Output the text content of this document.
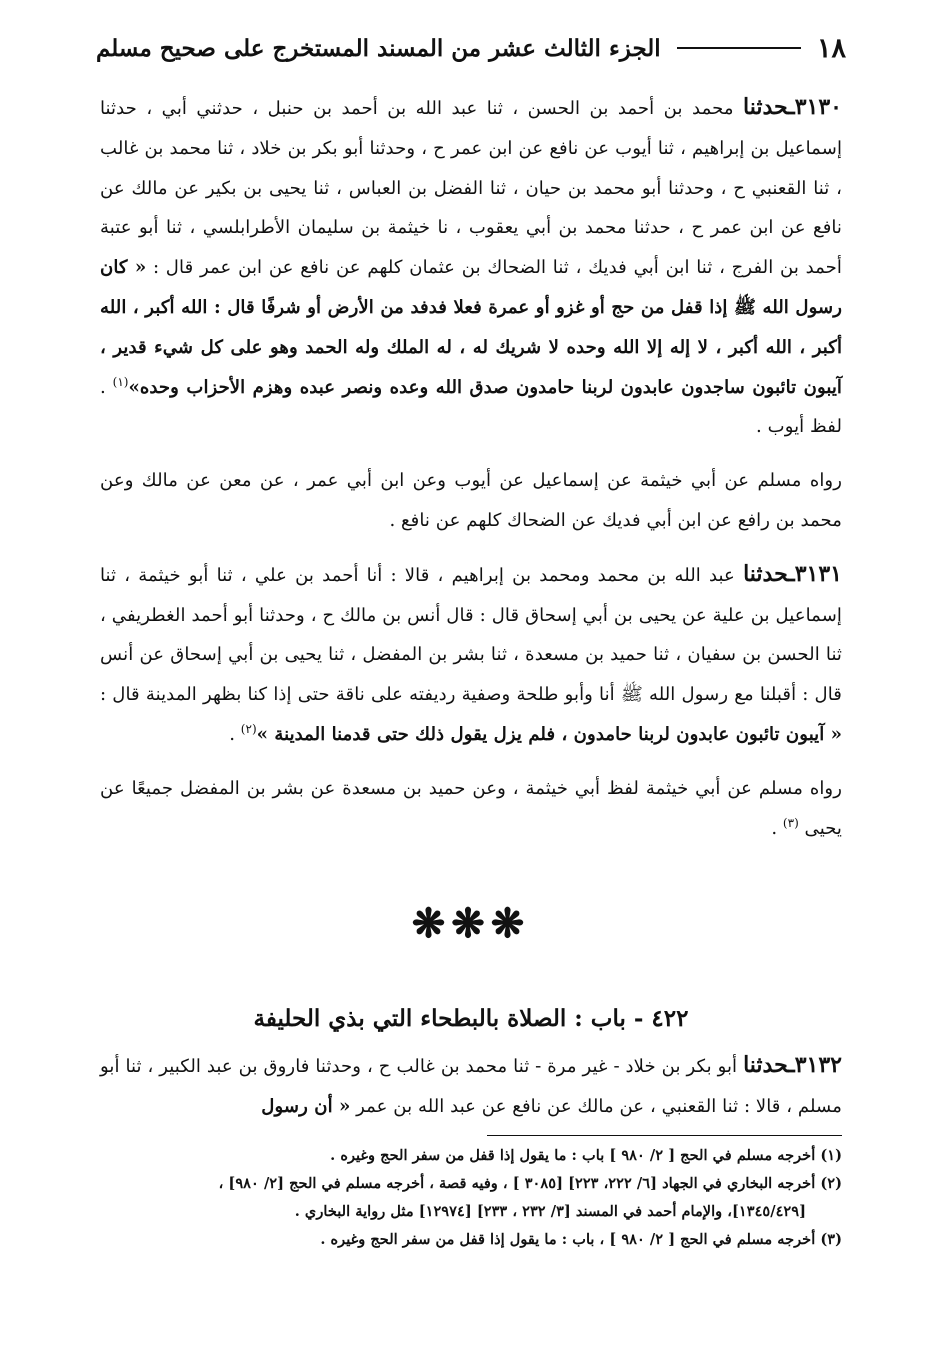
١٨
الجزء الثالث عشر من المسند المستخرج على صحيح مسلم

٣١٣٠ـحدثنا محمد بن أحمد بن الحسن ، ثنا عبد الله بن أحمد بن حنبل ، حدثني أبي ، حدثنا إسماعيل بن إبراهيم ، ثنا أيوب عن نافع عن ابن عمر ح ، وحدثنا أبو بكر بن خلاد ، ثنا محمد بن غالب ، ثنا القعنبي ح ، وحدثنا أبو محمد بن حيان ، ثنا الفضل بن العباس ، ثنا يحيى بن بكير عن مالك عن نافع عن ابن عمر ح ، حدثنا محمد بن أبي يعقوب ، نا خيثمة بن سليمان الأطرابلسي ، ثنا أبو عتبة أحمد بن الفرج ، ثنا ابن أبي فديك ، ثنا الضحاك بن عثمان كلهم عن نافع عن ابن عمر قال : « كان رسول الله ﷺ إذا قفل من حج أو غزو أو عمرة فعلا فدفد من الأرض أو شرفًا قال : الله أكبر ، الله أكبر ، الله أكبر ، لا إله إلا الله وحده لا شريك له ، له الملك وله الحمد وهو على كل شيء قدير ، آيبون تائبون ساجدون عابدون لربنا حامدون صدق الله وعده ونصر عبده وهزم الأحزاب وحده»$^{(١)}$ . لفظ أيوب .

رواه مسلم عن أبي خيثمة عن إسماعيل عن أيوب وعن ابن أبي عمر ، عن معن عن مالك وعن محمد بن رافع عن ابن أبي فديك عن الضحاك كلهم عن نافع .

٣١٣١ـحدثنا عبد الله بن محمد ومحمد بن إبراهيم ، قالا : أنا أحمد بن علي ، ثنا أبو خيثمة ، ثنا إسماعيل بن علية عن يحيى بن أبي إسحاق قال : قال أنس بن مالك ح ، وحدثنا أبو أحمد الغطريفي ، ثنا الحسن بن سفيان ، ثنا حميد بن مسعدة ، ثنا بشر بن المفضل ، ثنا يحيى بن أبي إسحاق عن أنس قال : أقبلنا مع رسول الله ﷺ أنا وأبو طلحة وصفية رديفته على ناقة حتى إذا كنا بظهر المدينة قال : « آيبون تائبون عابدون لربنا حامدون ، فلم يزل يقول ذلك حتى قدمنا المدينة »$^{(٢)}$ .

رواه مسلم عن أبي خيثمة لفظ أبي خيثمة ، وعن حميد بن مسعدة عن بشر بن المفضل جميعًا عن يحيى $^{(٣)}$ .

❋❋❋
٤٢٢ - باب : الصلاة بالبطحاء التي بذي الحليفة

٣١٣٢ـحدثنا أبو بكر بن خلاد - غير مرة - ثنا محمد بن غالب ح ، وحدثنا فاروق بن عبد الكبير ، ثنا أبو مسلم ، قالا : ثنا القعنبي ، عن مالك عن نافع عن عبد الله بن عمر « أن رسول

(١) أخرجه مسلم في الحج [ ٢/ ٩٨٠ ] باب : ما يقول إذا قفل من سفر الحج وغيره .

(٢) أخرجه البخاري في الجهاد [٦/ ٢٢٢، ٢٢٣] [٣٠٨٥ ] ، وفيه قصة ، أخرجه مسلم في الحج [٢/ ٩٨٠] ،

[١٣٤٥/٤٢٩]، والإمام أحمد في المسند [٣/ ٢٣٢ ، ٢٣٣] [١٢٩٧٤] مثل رواية البخاري .

(٣) أخرجه مسلم في الحج [ ٢/ ٩٨٠ ] ، باب : ما يقول إذا قفل من سفر الحج وغيره .
